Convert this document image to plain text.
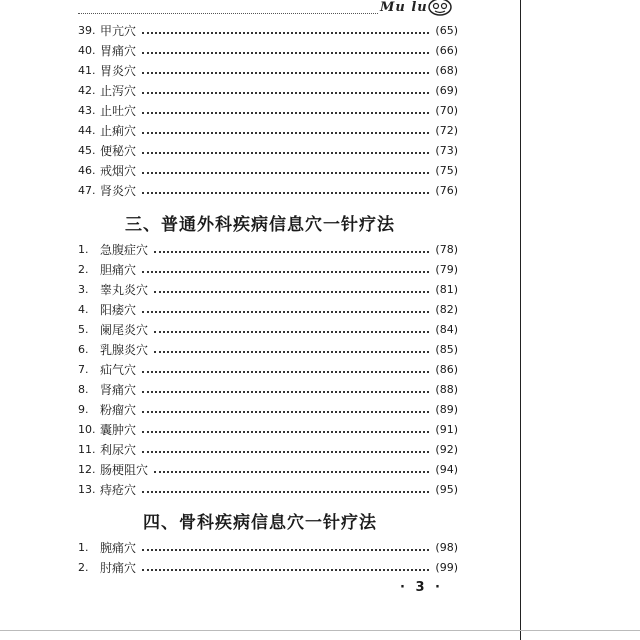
Mu lu
39. 甲亢穴	(65)
40. 胃痛穴	(66)
41. 胃炎穴	(68)
42. 止泻穴	(69)
43. 止吐穴	(70)
44. 止痢穴	(72)
45. 便秘穴	(73)
46. 戒烟穴	(75)
47. 肾炎穴	(76)
三、普通外科疾病信息穴一针疗法
1. 急腹症穴	(78)
2. 胆痛穴	(79)
3. 睾丸炎穴	(81)
4. 阳痿穴	(82)
5. 阑尾炎穴	(84)
6. 乳腺炎穴	(85)
7. 疝气穴	(86)
8. 肾痛穴	(88)
9. 粉瘤穴	(89)
10. 囊肿穴	(91)
11. 利尿穴	(92)
12. 肠梗阻穴	(94)
13. 痔疮穴	(95)
四、骨科疾病信息穴一针疗法
1. 腕痛穴	(98)
2. 肘痛穴	(99)
· 3 ·
